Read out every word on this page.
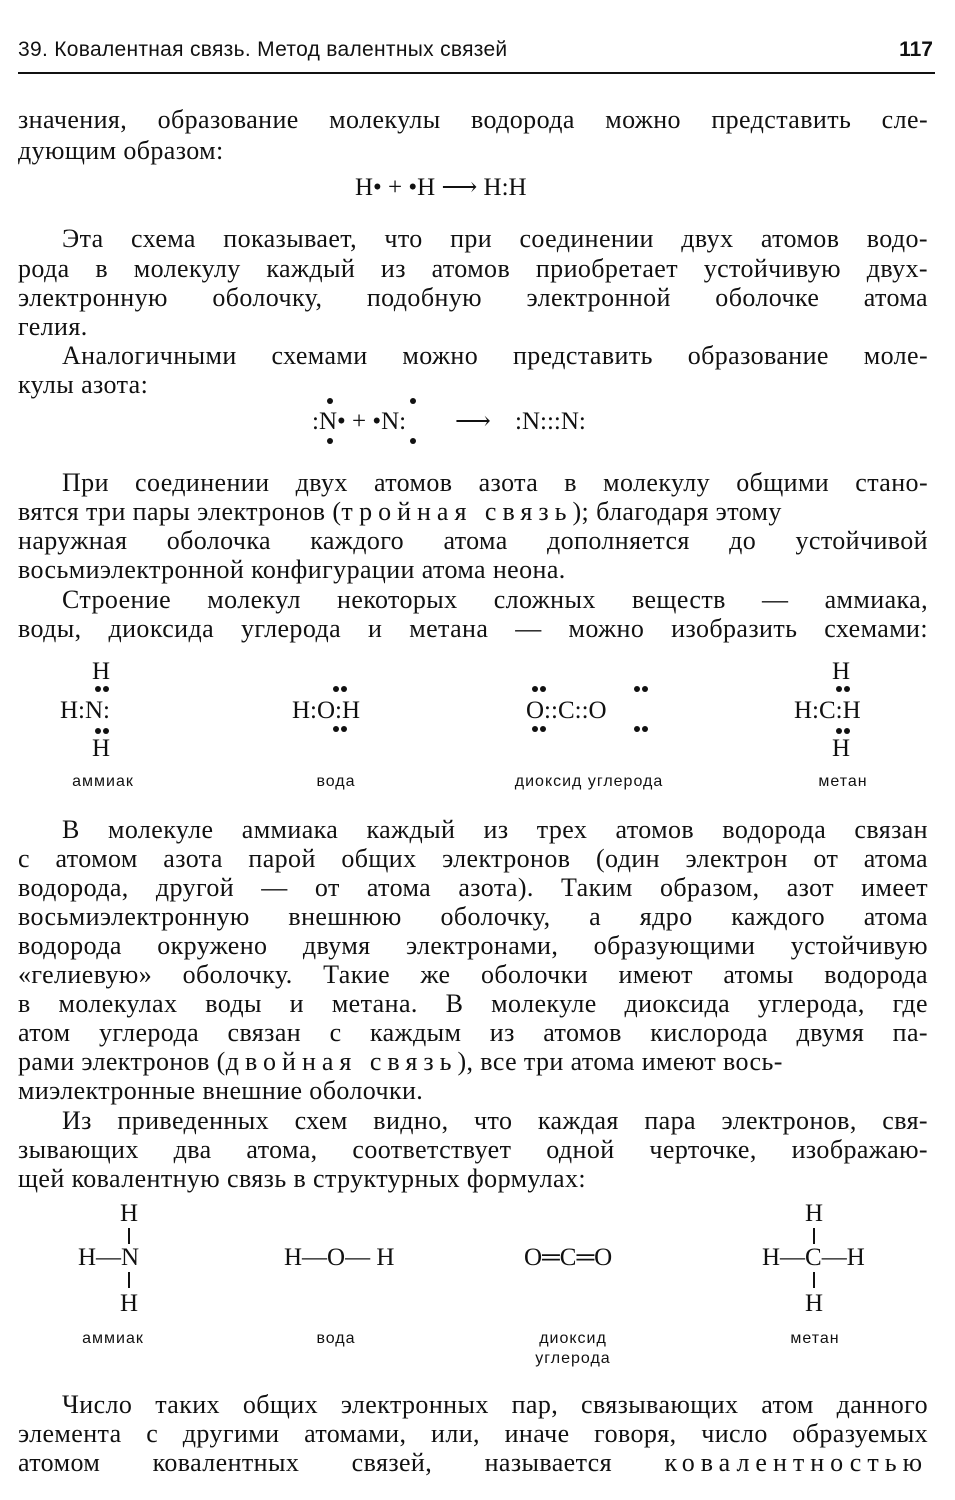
39. Ковалентная связь. Метод валентных связей	117
значения, образование молекулы водорода можно представить сле-
дующим образом:
H• + •H ⟶ H:H
Эта схема показывает, что при соединении двух атомов водо-
рода в молекулу каждый из атомов приобретает устойчивую двух-
электронную оболочку, подобную электронной оболочке атома
гелия.
Аналогичными схемами можно представить образование моле-
кулы азота:
:N• + •N: ⟶ :N:::N:
При соединении двух атомов азота в молекулу общими стано-
вятся три пары электронов (тройная связь); благодаря этому
наружная оболочка каждого атома дополняется до устойчивой
восьмиэлектронной конфигурации атома неона.
Строение молекул некоторых сложных веществ — аммиака,
воды, диоксида углерода и метана — можно изобразить схемами:
H
H:N:
H
аммиак
H:O:H
вода
O::C::O
диоксид углерода
H
H:C:H
H
метан
В молекуле аммиака каждый из трех атомов водорода связан
с атомом азота парой общих электронов (один электрон от атома
водорода, другой — от атома азота). Таким образом, азот имеет
восьмиэлектронную внешнюю оболочку, а ядро каждого атома
водорода окружено двумя электронами, образующими устойчивую
«гелиевую» оболочку. Такие же оболочки имеют атомы водорода
в молекулах воды и метана. В молекуле диоксида углерода, где
атом углерода связан с каждым из атомов кислорода двумя па-
рами электронов (двойная связь), все три атома имеют вось-
миэлектронные внешние оболочки.
Из приведенных схем видно, что каждая пара электронов, свя-
зывающих два атома, соответствует одной черточке, изображаю-
щей ковалентную связь в структурных формулах:
H
H—N
H
аммиак
H—O— H
вода
O═C═O
диоксид
углерода
H
H—C—H
H
метан
Число таких общих электронных пар, связывающих атом данного
элемента с другими атомами, или, иначе говоря, число образуемых
атомом ковалентных связей, называется ковалентностью
